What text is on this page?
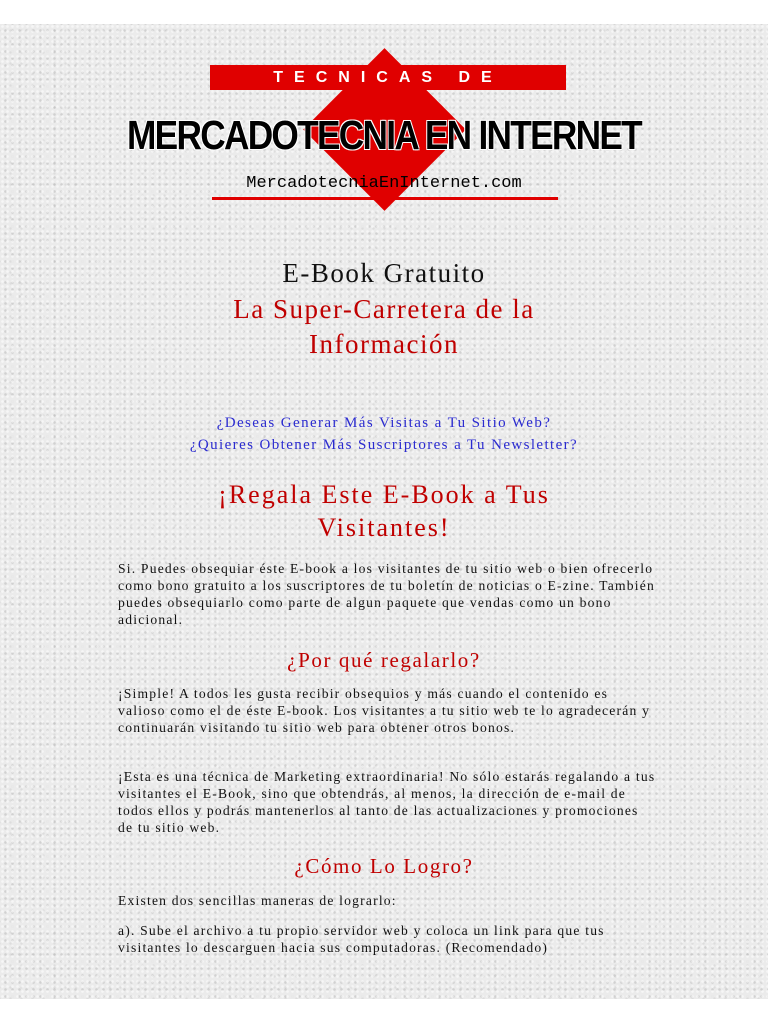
TECNICAS DE
MERCADOTECNIA EN INTERNET
MercadotecniaEnInternet.com
E-Book Gratuito
La Super-Carretera de la
Información
¿Deseas Generar Más Visitas a Tu Sitio Web?
¿Quieres Obtener Más Suscriptores a Tu Newsletter?
¡Regala Este E-Book a Tus
Visitantes!

Si. Puedes obsequiar éste E-book a los visitantes de tu sitio web o bien ofrecerlo como bono gratuito a los suscriptores de tu boletín de noticias o E-zine. También puedes obsequiarlo como parte de algun paquete que vendas como un bono adicional.

¿Por qué regalarlo?

¡Simple! A todos les gusta recibir obsequios y más cuando el contenido es valioso como el de éste E-book. Los visitantes a tu sitio web te lo agradecerán y continuarán visitando tu sitio web para obtener otros bonos.

¡Esta es una técnica de Marketing extraordinaria! No sólo estarás regalando a tus visitantes el E-Book, sino que obtendrás, al menos, la dirección de e-mail de todos ellos y podrás mantenerlos al tanto de las actualizaciones y promociones de tu sitio web.

¿Cómo Lo Logro?

Existen dos sencillas maneras de lograrlo:

a). Sube el archivo a tu propio servidor web y coloca un link para que tus visitantes lo descarguen hacia sus computadoras. (Recomendado)
